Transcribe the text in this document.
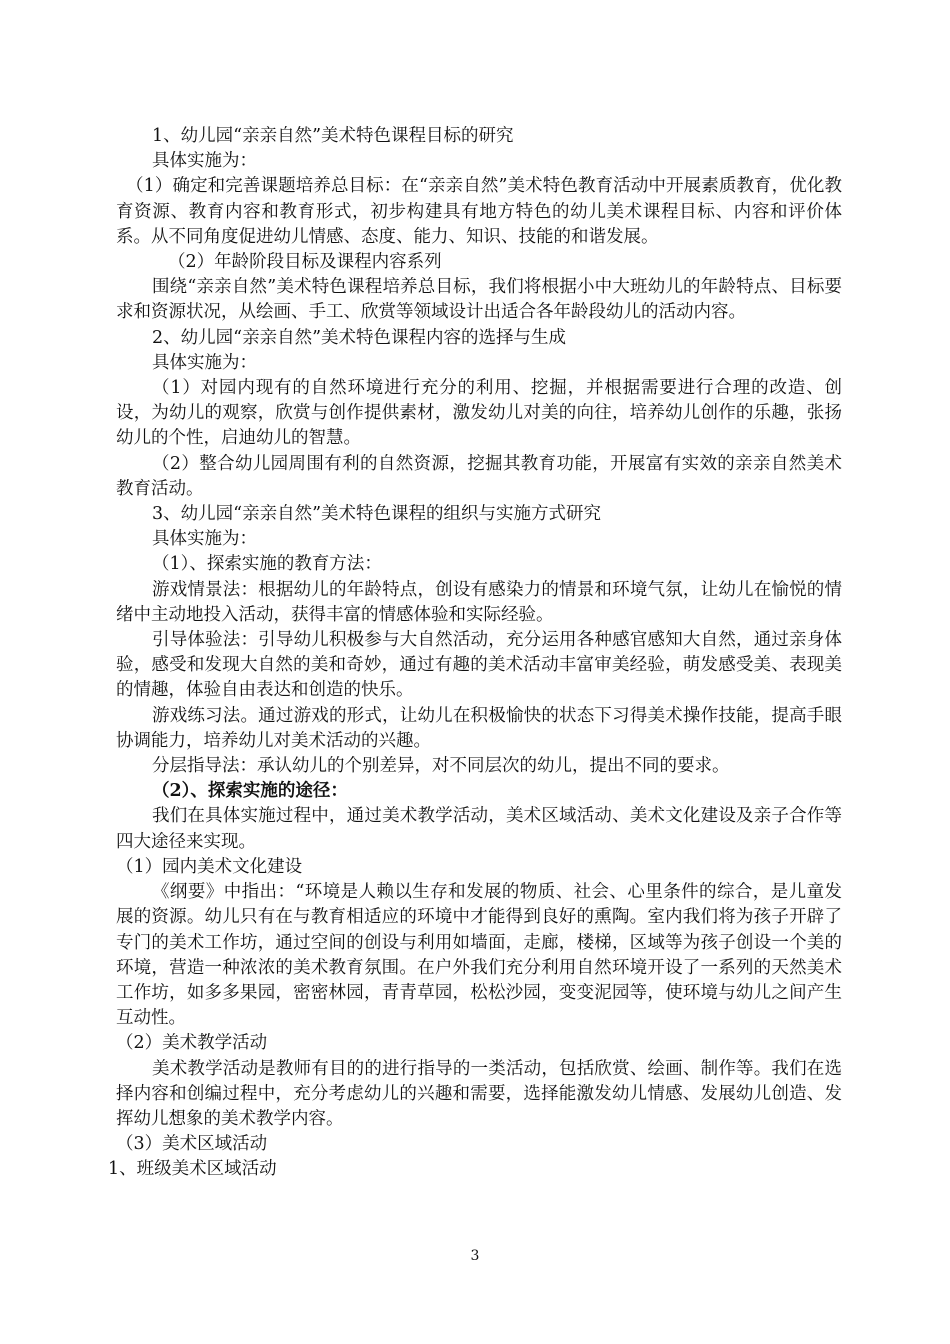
1、幼儿园“亲亲自然”美术特色课程目标的研究

具体实施为：

（1）确定和完善课题培养总目标：在“亲亲自然”美术特色教育活动中开展素质教育，优化教育资源、教育内容和教育形式，初步构建具有地方特色的幼儿美术课程目标、内容和评价体系。从不同角度促进幼儿情感、态度、能力、知识、技能的和谐发展。

（2）年龄阶段目标及课程内容系列

围绕“亲亲自然”美术特色课程培养总目标，我们将根据小中大班幼儿的年龄特点、目标要求和资源状况，从绘画、手工、欣赏等领域设计出适合各年龄段幼儿的活动内容。

2、幼儿园“亲亲自然”美术特色课程内容的选择与生成

具体实施为：

（1）对园内现有的自然环境进行充分的利用、挖掘，并根据需要进行合理的改造、创设，为幼儿的观察，欣赏与创作提供素材，激发幼儿对美的向往，培养幼儿创作的乐趣，张扬幼儿的个性，启迪幼儿的智慧。

（2）整合幼儿园周围有利的自然资源，挖掘其教育功能，开展富有实效的亲亲自然美术教育活动。

3、幼儿园“亲亲自然”美术特色课程的组织与实施方式研究

具体实施为：

（1）、探索实施的教育方法：

游戏情景法：根据幼儿的年龄特点，创设有感染力的情景和环境气氛，让幼儿在愉悦的情绪中主动地投入活动，获得丰富的情感体验和实际经验。

引导体验法：引导幼儿积极参与大自然活动，充分运用各种感官感知大自然，通过亲身体验，感受和发现大自然的美和奇妙，通过有趣的美术活动丰富审美经验，萌发感受美、表现美的情趣，体验自由表达和创造的快乐。

游戏练习法。通过游戏的形式，让幼儿在积极愉快的状态下习得美术操作技能，提高手眼协调能力，培养幼儿对美术活动的兴趣。

分层指导法：承认幼儿的个别差异，对不同层次的幼儿，提出不同的要求。

（2）、探索实施的途径：

我们在具体实施过程中，通过美术教学活动，美术区域活动、美术文化建设及亲子合作等四大途径来实现。

（1）园内美术文化建设

《纲要》中指出：“环境是人赖以生存和发展的物质、社会、心里条件的综合，是儿童发展的资源。幼儿只有在与教育相适应的环境中才能得到良好的熏陶。室内我们将为孩子开辟了专门的美术工作坊，通过空间的创设与利用如墙面，走廊，楼梯，区域等为孩子创设一个美的环境，营造一种浓浓的美术教育氛围。在户外我们充分利用自然环境开设了一系列的天然美术工作坊，如多多果园，密密林园，青青草园，松松沙园，变变泥园等，使环境与幼儿之间产生互动性。

（2）美术教学活动

美术教学活动是教师有目的的进行指导的一类活动，包括欣赏、绘画、制作等。我们在选择内容和创编过程中，充分考虑幼儿的兴趣和需要，选择能激发幼儿情感、发展幼儿创造、发挥幼儿想象的美术教学内容。

（3）美术区域活动

1、班级美术区域活动

3
